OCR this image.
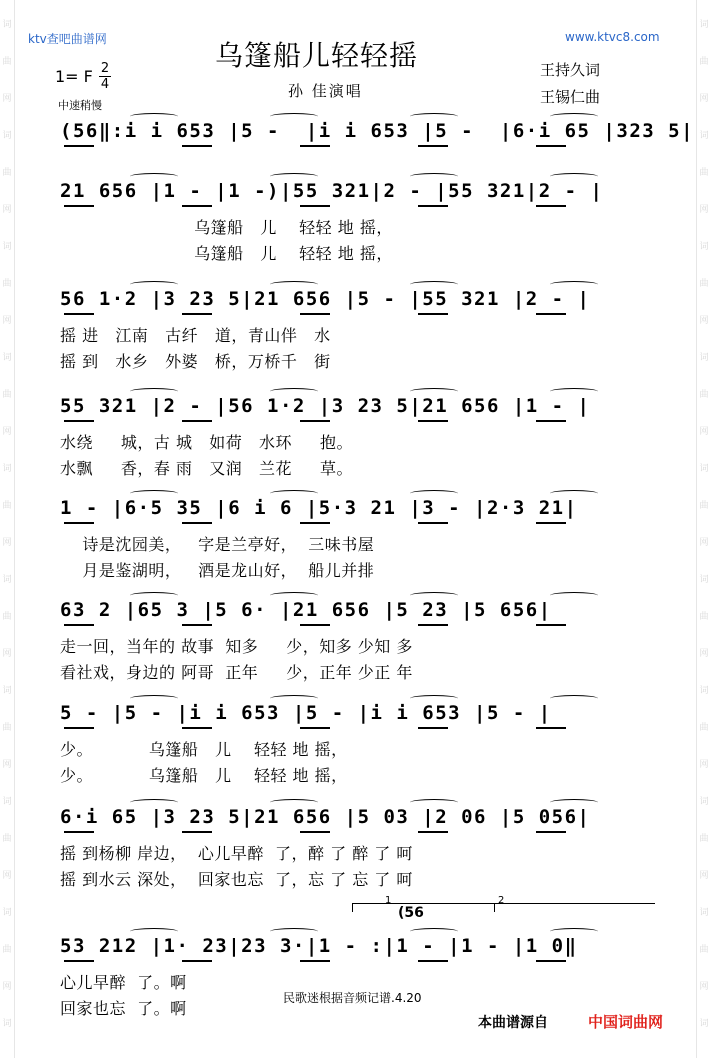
词
曲
网
词
曲
网
词
曲
网
词
曲
网
词
曲
网
词
曲
网
词
曲
网
词
曲
网
词
曲
网
词
词
曲
网
词
曲
网
词
曲
网
词
曲
网
词
曲
网
词
曲
网
词
曲
网
词
曲
网
词
曲
网
词
ktv查吧曲谱网	www.ktvc8.com
乌篷船儿轻轻摇
孙 佳演唱
王持久词
王锡仁曲
1= F 2
4
中速稍慢
(56‖:i i 653 |5 -  |i i 653 |5 -  |6·i 65 |323 5|
21 656 |1 - |1 -)|55 321|2 - |55 321|2 - |
乌篷船   儿    轻轻 地 摇，
乌篷船   儿    轻轻 地 摇，
56 1·2 |3 23 5|21 656 |5 - |55 321 |2 - |
摇 进   江南   古纤   道，青山伴   水
摇 到   水乡   外婆   桥，万桥千   街
55 321 |2 - |56 1·2 |3 23 5|21 656 |1 - |
水绕     城，古 城   如荷   水环     抱。
水飘     香，春 雨   又润   兰花     草。
1 - |6·5 35 |6 i 6 |5·3 21 |3 - |2·3 21|
诗是沈园美，   字是兰亭好，  三味书屋
月是鉴湖明，   酒是龙山好，  船儿并排
63 2 |65 3 |5 6· |21 656 |5 23 |5 656|
走一回，当年的 故事  知多     少，知多 少知 多
看社戏，身边的 阿哥  正年     少，正年 少正 年
5 - |5 - |i i 653 |5 - |i i 653 |5 - |
少。          乌篷船   儿    轻轻 地 摇，
少。          乌篷船   儿    轻轻 地 摇，
6·i 65 |3 23 5|21 656 |5 03 |2 06 |5 056|
摇 到杨柳 岸边，  心儿早醉  了，醉 了 醉 了 呵
摇 到水云 深处，  回家也忘  了，忘 了 忘 了 呵
53 212 |1· 23|23 3·|1 - :|1 - |1 - |1 0‖
心儿早醉  了。啊
回家也忘  了。啊
1	2
(56
民歌迷根据音频记谱.4.20
本曲谱源自	中国词曲网
